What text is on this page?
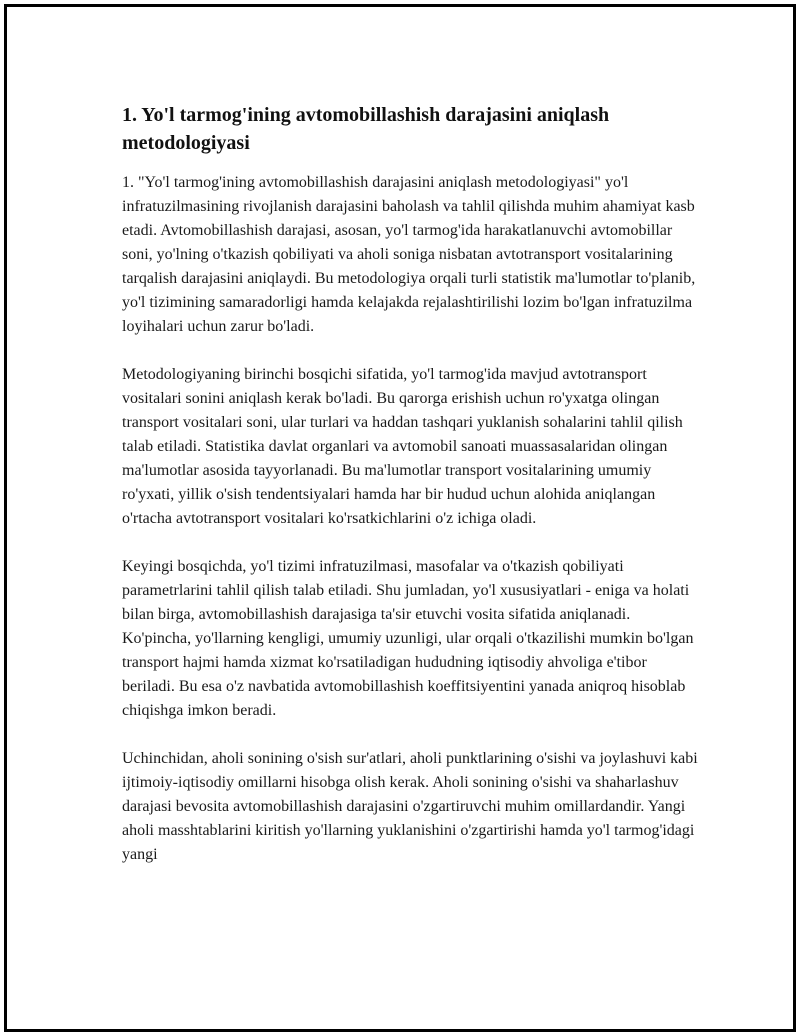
1. Yo'l tarmog'ining avtomobillashish darajasini aniqlash metodologiyasi

1. "Yo'l tarmog'ining avtomobillashish darajasini aniqlash metodologiyasi" yo'l infratuzilmasining rivojlanish darajasini baholash va tahlil qilishda muhim ahamiyat kasb etadi. Avtomobillashish darajasi, asosan, yo'l tarmog'ida harakatlanuvchi avtomobillar soni, yo'lning o'tkazish qobiliyati va aholi soniga nisbatan avtotransport vositalarining tarqalish darajasini aniqlaydi. Bu metodologiya orqali turli statistik ma'lumotlar to'planib, yo'l tizimining samaradorligi hamda kelajakda rejalashtirilishi lozim bo'lgan infratuzilma loyihalari uchun zarur bo'ladi.

Metodologiyaning birinchi bosqichi sifatida, yo'l tarmog'ida mavjud avtotransport vositalari sonini aniqlash kerak bo'ladi. Bu qarorga erishish uchun ro'yxatga olingan transport vositalari soni, ular turlari va haddan tashqari yuklanish sohalarini tahlil qilish talab etiladi. Statistika davlat organlari va avtomobil sanoati muassasalaridan olingan ma'lumotlar asosida tayyorlanadi. Bu ma'lumotlar transport vositalarining umumiy ro'yxati, yillik o'sish tendentsiyalari hamda har bir hudud uchun alohida aniqlangan o'rtacha avtotransport vositalari ko'rsatkichlarini o'z ichiga oladi.

Keyingi bosqichda, yo'l tizimi infratuzilmasi, masofalar va o'tkazish qobiliyati parametrlarini tahlil qilish talab etiladi. Shu jumladan, yo'l xususiyatlari - eniga va holati bilan birga, avtomobillashish darajasiga ta'sir etuvchi vosita sifatida aniqlanadi. Ko'pincha, yo'llarning kengligi, umumiy uzunligi, ular orqali o'tkazilishi mumkin bo'lgan transport hajmi hamda xizmat ko'rsatiladigan hududning iqtisodiy ahvoliga e'tibor beriladi. Bu esa o'z navbatida avtomobillashish koeffitsiyentini yanada aniqroq hisoblab chiqishga imkon beradi.

Uchinchidan, aholi sonining o'sish sur'atlari, aholi punktlarining o'sishi va joylashuvi kabi ijtimoiy-iqtisodiy omillarni hisobga olish kerak. Aholi sonining o'sishi va shaharlashuv darajasi bevosita avtomobillashish darajasini o'zgartiruvchi muhim omillardandir. Yangi aholi masshtablarini kiritish yo'llarning yuklanishini o'zgartirishi hamda yo'l tarmog'idagi yangi
